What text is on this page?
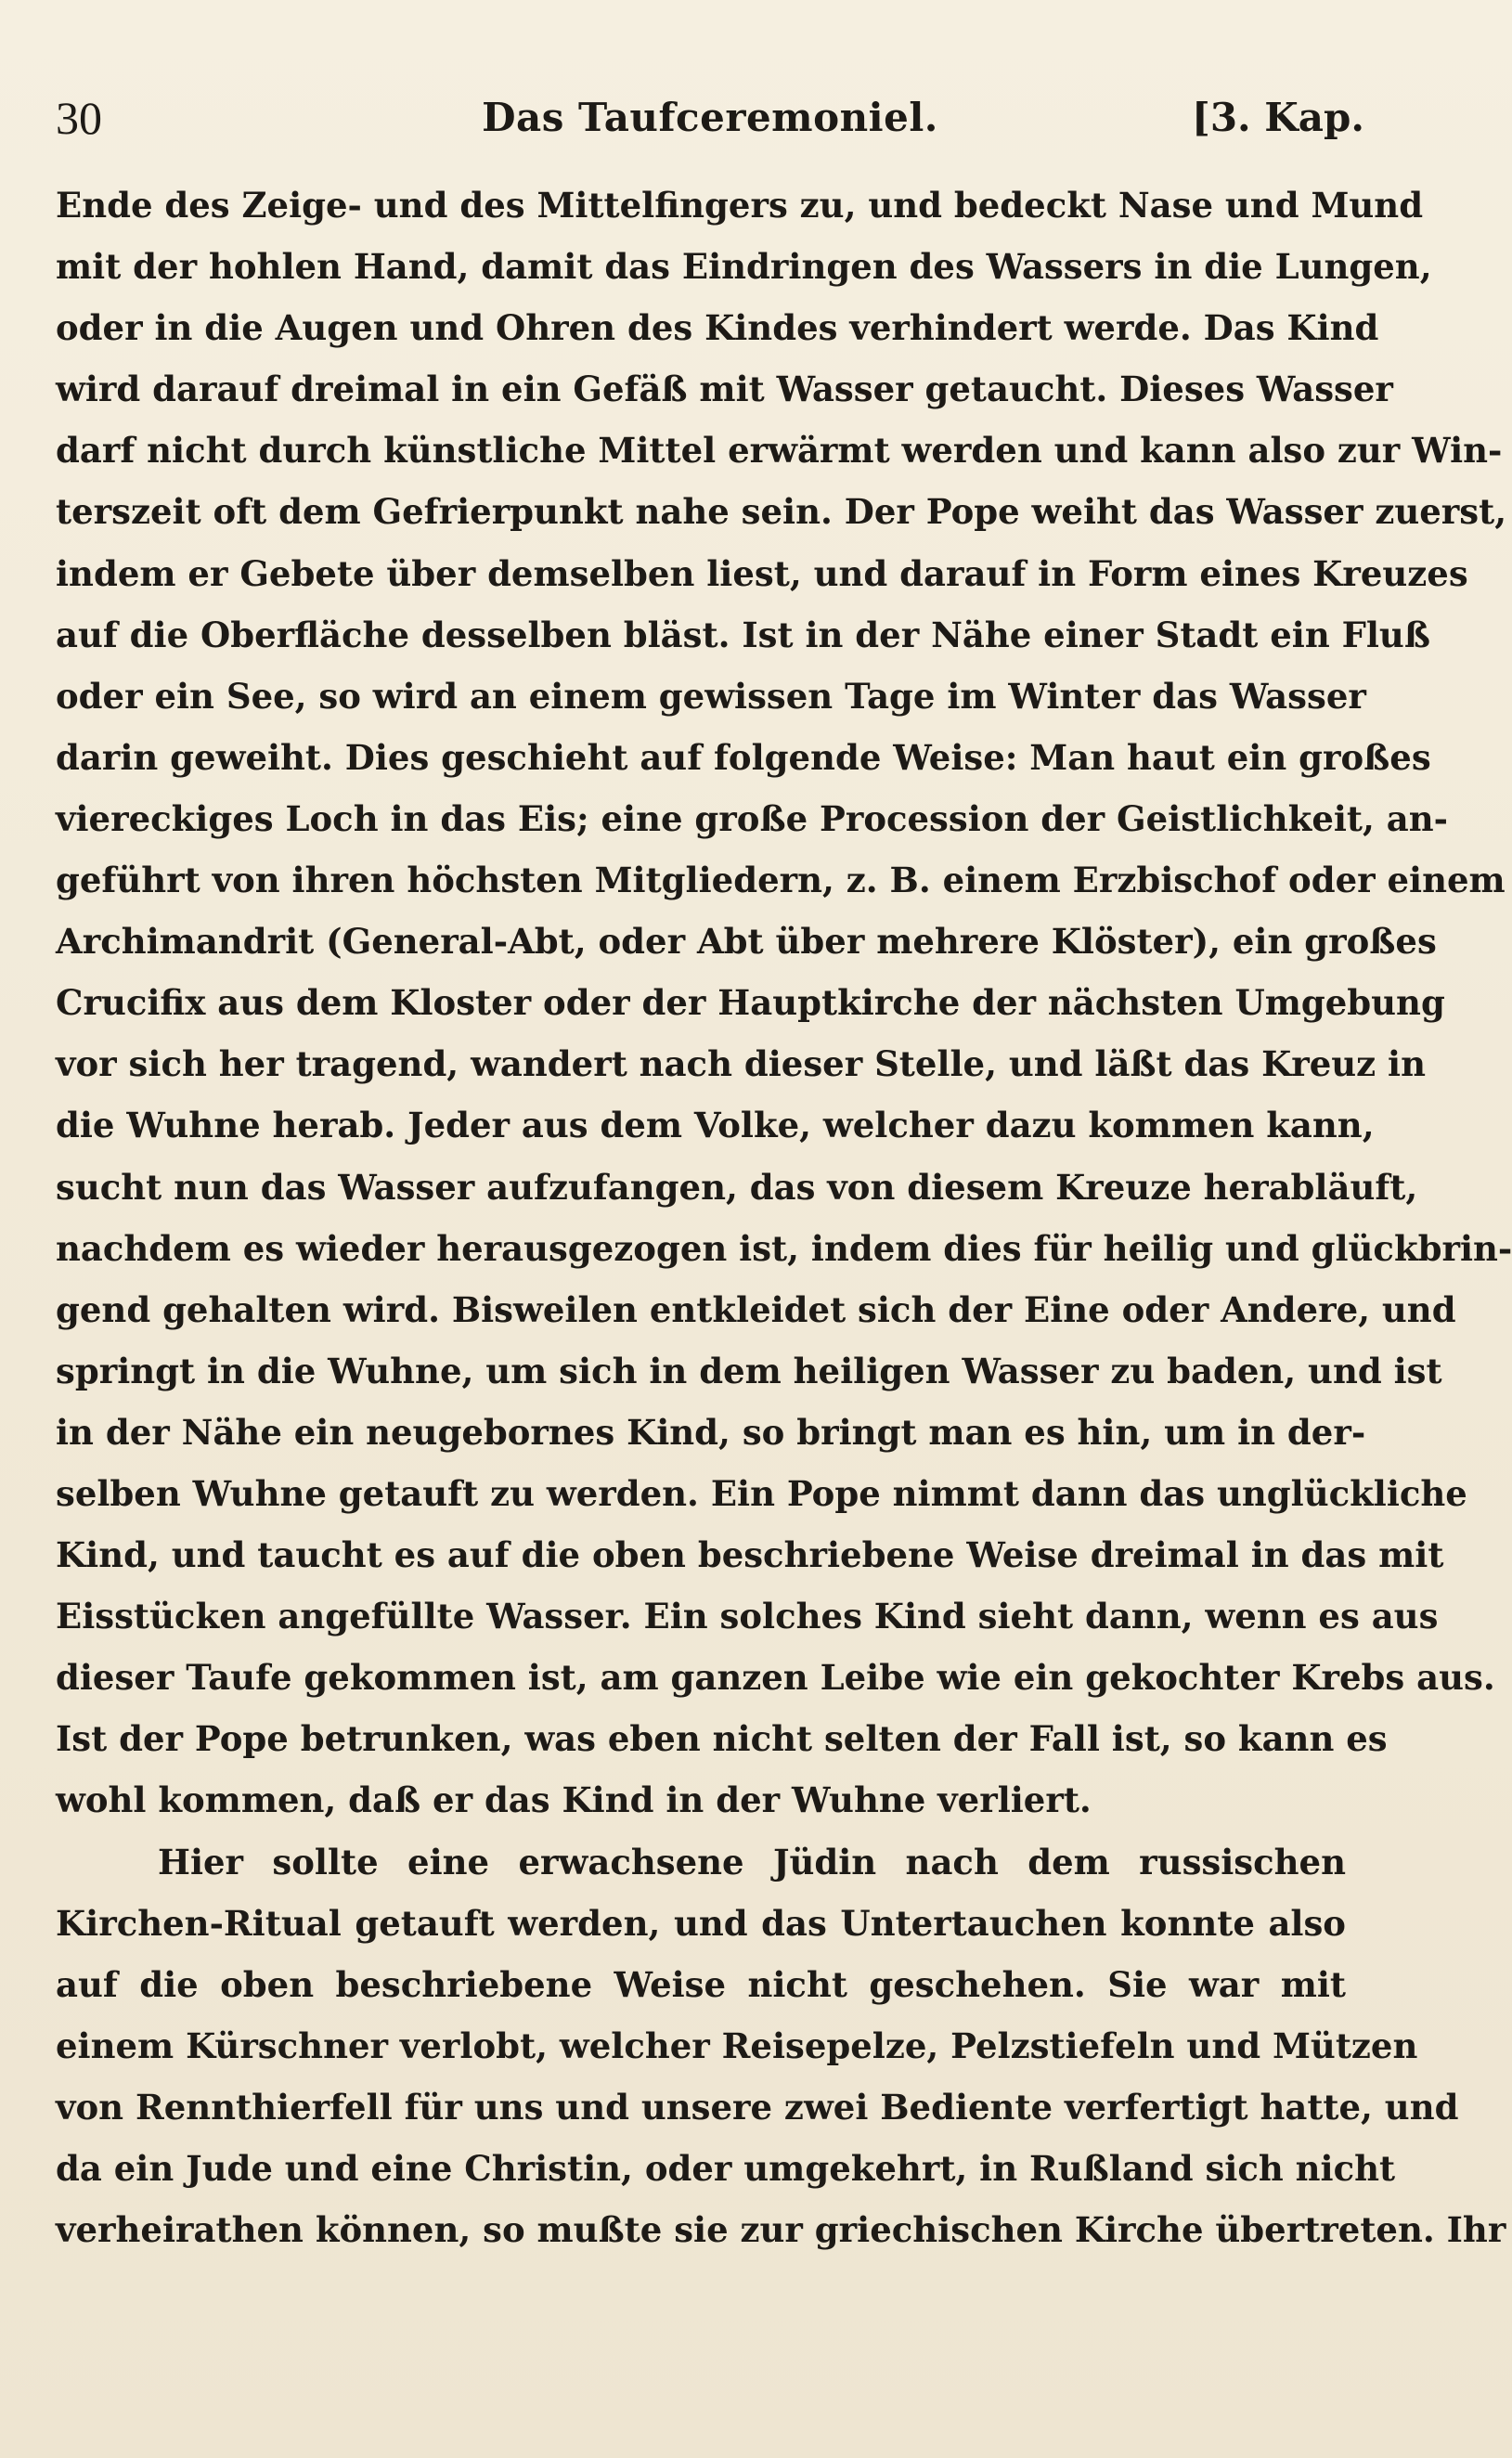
30	Das Taufceremoniel.	[3. Kap.
Ende des Zeige- und des Mittelfingers zu, und bedeckt Nase und Mund
mit der hohlen Hand, damit das Eindringen des Wassers in die Lungen,
oder in die Augen und Ohren des Kindes verhindert werde. Das Kind
wird darauf dreimal in ein Gefäß mit Wasser getaucht. Dieses Wasser
darf nicht durch künstliche Mittel erwärmt werden und kann also zur Win-
terszeit oft dem Gefrierpunkt nahe sein. Der Pope weiht das Wasser zuerst,
indem er Gebete über demselben liest, und darauf in Form eines Kreuzes
auf die Oberfläche desselben bläst. Ist in der Nähe einer Stadt ein Fluß
oder ein See, so wird an einem gewissen Tage im Winter das Wasser
darin geweiht. Dies geschieht auf folgende Weise: Man haut ein großes
viereckiges Loch in das Eis; eine große Procession der Geistlichkeit, an-
geführt von ihren höchsten Mitgliedern, z. B. einem Erzbischof oder einem
Archimandrit (General-Abt, oder Abt über mehrere Klöster), ein großes
Crucifix aus dem Kloster oder der Hauptkirche der nächsten Umgebung
vor sich her tragend, wandert nach dieser Stelle, und läßt das Kreuz in
die Wuhne herab. Jeder aus dem Volke, welcher dazu kommen kann,
sucht nun das Wasser aufzufangen, das von diesem Kreuze herabläuft,
nachdem es wieder herausgezogen ist, indem dies für heilig und glückbrin-
gend gehalten wird. Bisweilen entkleidet sich der Eine oder Andere, und
springt in die Wuhne, um sich in dem heiligen Wasser zu baden, und ist
in der Nähe ein neugebornes Kind, so bringt man es hin, um in der-
selben Wuhne getauft zu werden. Ein Pope nimmt dann das unglückliche
Kind, und taucht es auf die oben beschriebene Weise dreimal in das mit
Eisstücken angefüllte Wasser. Ein solches Kind sieht dann, wenn es aus
dieser Taufe gekommen ist, am ganzen Leibe wie ein gekochter Krebs aus.
Ist der Pope betrunken, was eben nicht selten der Fall ist, so kann es
wohl kommen, daß er das Kind in der Wuhne verliert.
Hier sollte eine erwachsene Jüdin nach dem russischen
Kirchen-Ritual getauft werden, und das Untertauchen konnte also
auf die oben beschriebene Weise nicht geschehen. Sie war mit
einem Kürschner verlobt, welcher Reisepelze, Pelzstiefeln und Mützen
von Rennthierfell für uns und unsere zwei Bediente verfertigt hatte, und
da ein Jude und eine Christin, oder umgekehrt, in Rußland sich nicht
verheirathen können, so mußte sie zur griechischen Kirche übertreten. Ihr
